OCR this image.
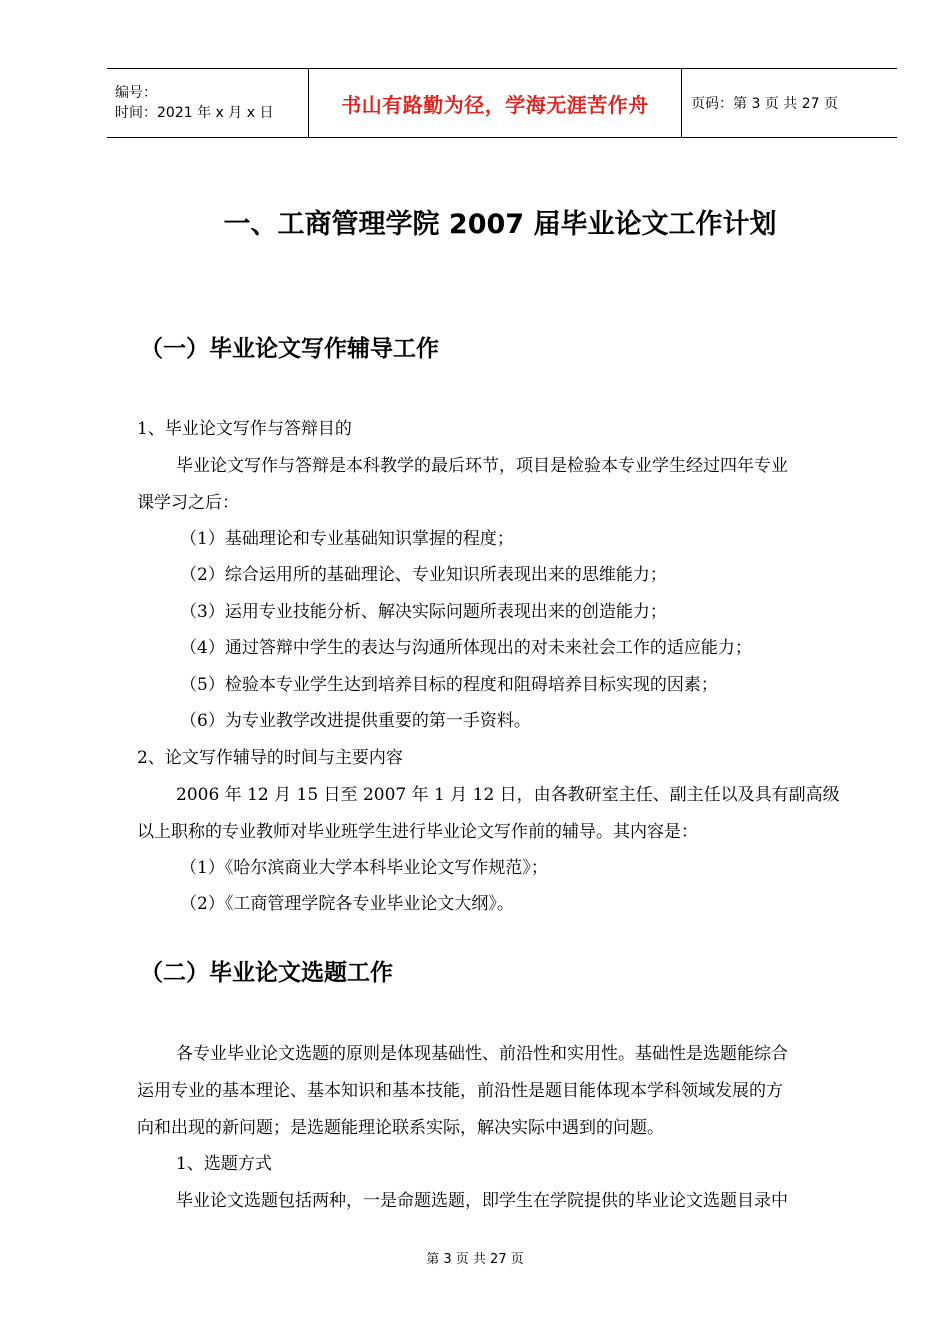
编号：
时间：2021 年 x 月 x 日	书山有路勤为径，学海无涯苦作舟	页码：第 3 页 共 27 页
一、工商管理学院 2007 届毕业论文工作计划
（一）毕业论文写作辅导工作
1、毕业论文写作与答辩目的
毕业论文写作与答辩是本科教学的最后环节，项目是检验本专业学生经过四年专业
课学习之后：
（1）基础理论和专业基础知识掌握的程度；
（2）综合运用所的基础理论、专业知识所表现出来的思维能力；
（3）运用专业技能分析、解决实际问题所表现出来的创造能力；
（4）通过答辩中学生的表达与沟通所体现出的对未来社会工作的适应能力；
（5）检验本专业学生达到培养目标的程度和阻碍培养目标实现的因素；
（6）为专业教学改进提供重要的第一手资料。
2、论文写作辅导的时间与主要内容
2006 年 12 月 15 日至 2007 年 1 月 12 日，由各教研室主任、副主任以及具有副高级
以上职称的专业教师对毕业班学生进行毕业论文写作前的辅导。其内容是：
（1）《哈尔滨商业大学本科毕业论文写作规范》；
（2）《工商管理学院各专业毕业论文大纲》。
（二）毕业论文选题工作
各专业毕业论文选题的原则是体现基础性、前沿性和实用性。基础性是选题能综合
运用专业的基本理论、基本知识和基本技能，前沿性是题目能体现本学科领域发展的方
向和出现的新问题；是选题能理论联系实际，解决实际中遇到的问题。
1、选题方式
毕业论文选题包括两种，一是命题选题，即学生在学院提供的毕业论文选题目录中
第 3 页 共 27 页
